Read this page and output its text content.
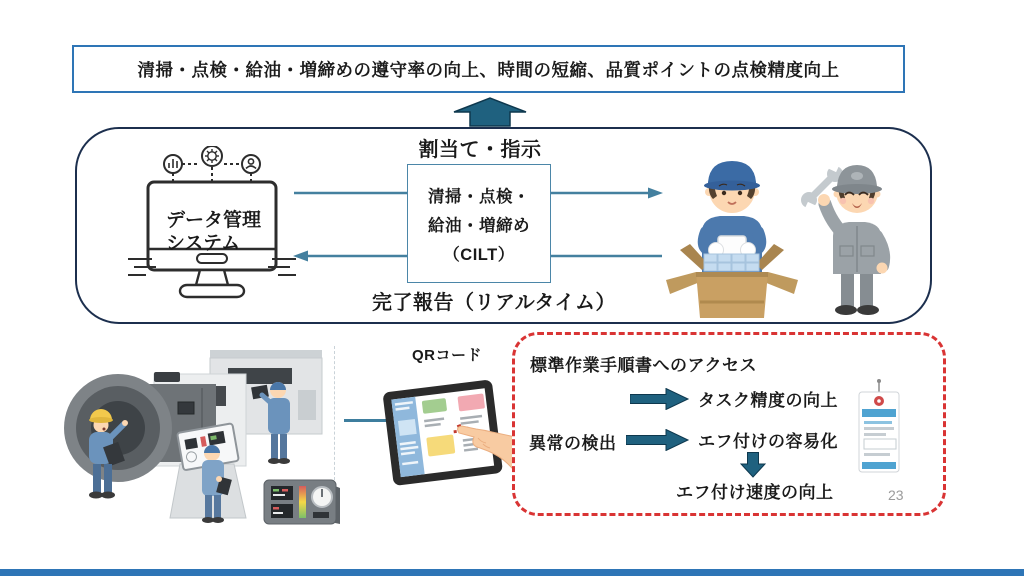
清掃・点検・給油・増締めの遵守率の向上、時間の短縮、品質ポイントの点検精度向上
割当て・指示
完了報告（リアルタイム）
清掃・点検・
給油・増締め
（CILT）
データ管理
システム
QRコード
標準作業手順書へのアクセス
タスク精度の向上
異常の検出	エフ付けの容易化
エフ付け速度の向上	23
